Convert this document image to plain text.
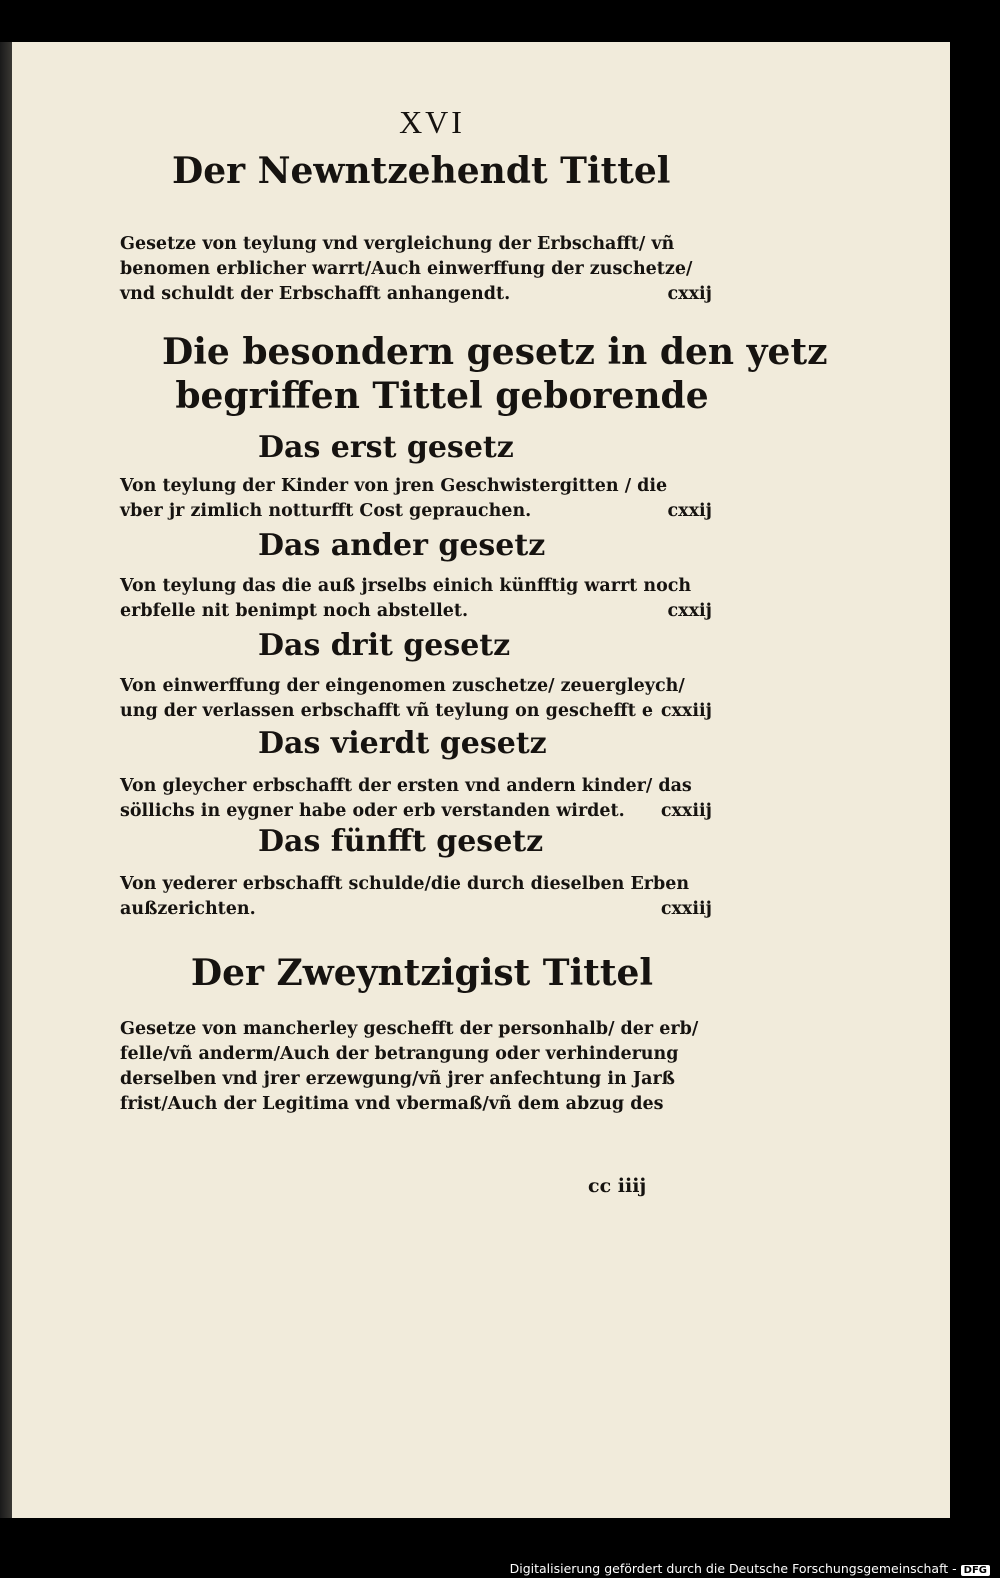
XVI
Der Newntzehendt Tittel
Gesetze von teylung vnd vergleichung der Erbschafft/ vñ
benomen erblicher warrt/Auch einwerffung der zuschetze/
vnd schuldt der Erbschafft anhangendt.	cxxij
Die besondern gesetz in den yetz
begriffen Tittel geborende
Das erst gesetz
Von teylung der Kinder von jren Geschwistergitten / die
vber jr zimlich notturfft Cost geprauchen.	cxxij
Das ander gesetz
Von teylung das die auß jrselbs einich künfftig warrt noch
erbfelle nit benimpt noch abstellet.	cxxij
Das drit gesetz
Von einwerffung der eingenomen zuschetze/ zeuergleych/
ung der verlassen erbschafft vñ teylung on geschefft e cxxiij
Das vierdt gesetz
Von gleycher erbschafft der ersten vnd andern kinder/ das
söllichs in eygner habe oder erb verstanden wirdet. cxxiij
Das fünfft gesetz
Von yederer erbschafft schulde/die durch dieselben Erben
außzerichten.	cxxiij
Der Zweyntzigist Tittel
Gesetze von mancherley geschefft der personhalb/ der erb/
felle/vñ anderm/Auch der betrangung oder verhinderung
derselben vnd jrer erzewgung/vñ jrer anfechtung in Jarß
frist/Auch der Legitima vnd vbermaß/vñ dem abzug des
cc iiij
Digitalisierung gefördert durch die Deutsche Forschungsgemeinschaft - DFG
